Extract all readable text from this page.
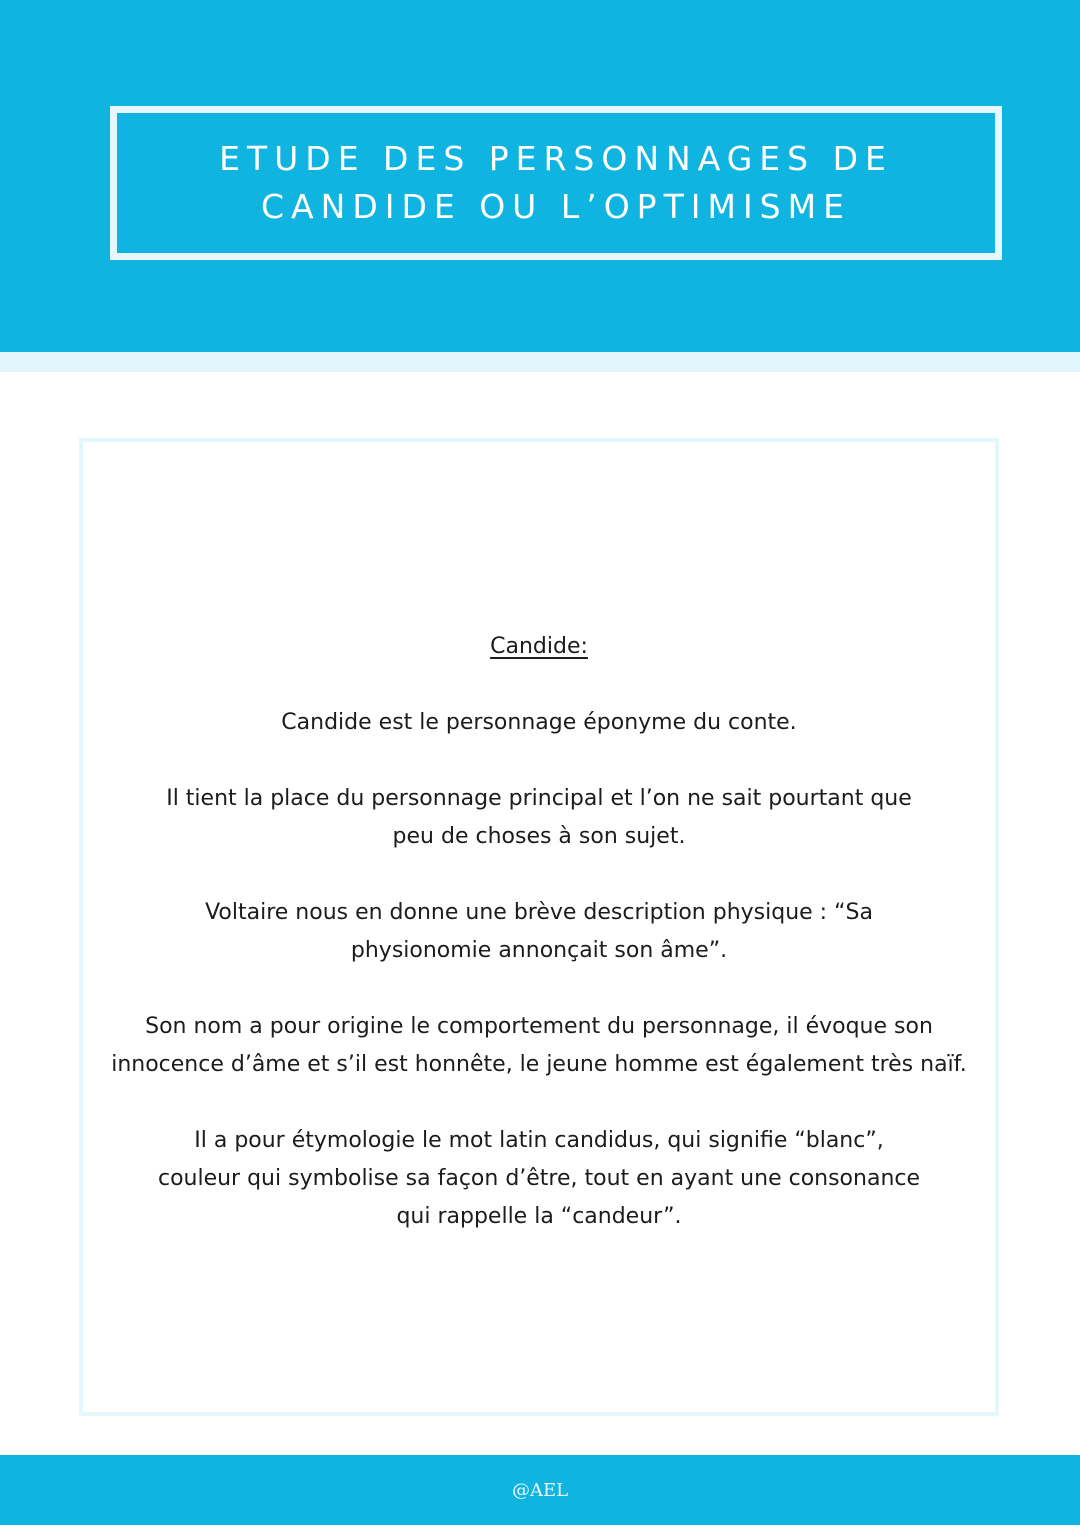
ETUDE DES PERSONNAGES DE
CANDIDE OU L’OPTIMISME
Candide:

Candide est le personnage éponyme du conte.

Il tient la place du personnage principal et l’on ne sait pourtant que peu de choses à son sujet.

Voltaire nous en donne une brève description physique : “Sa physionomie annonçait son âme”.

Son nom a pour origine le comportement du personnage, il évoque son innocence d’âme et s’il est honnête, le jeune homme est également très naïf.

Il a pour étymologie le mot latin candidus, qui signifie “blanc”, couleur qui symbolise sa façon d’être, tout en ayant une consonance qui rappelle la “candeur”.

@AEL
